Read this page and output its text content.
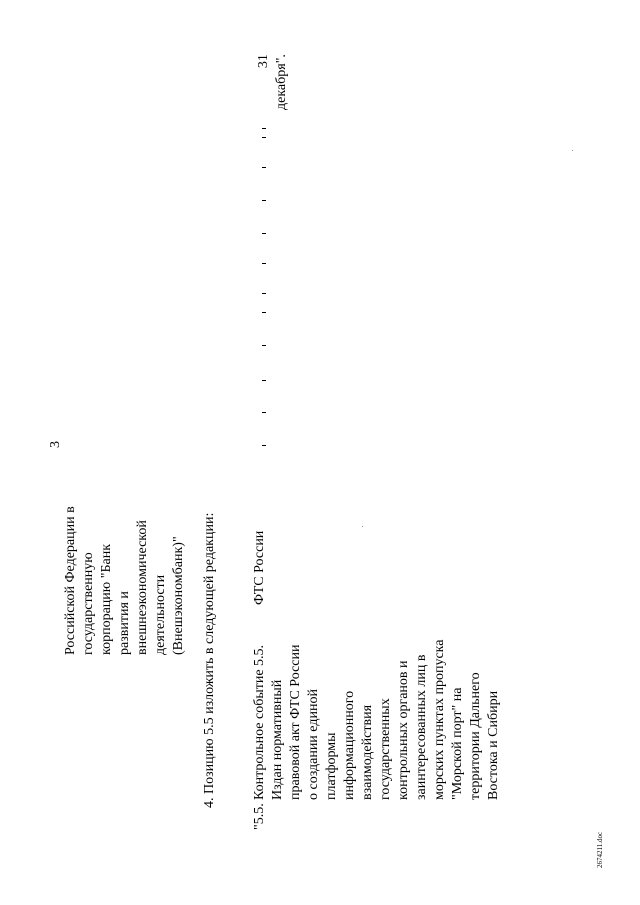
3
Российской Федерации в государственную корпорацию "Банк развития и внешнеэкономической деятельности (Внешэкономбанк)" 4. Позицию 5.5 изложить в следующей редакции:
"5.5.
Контрольное событие 5.5. Издан нормативный правовой акт ФТС России о создании единой платформы информационного взаимодействия государственных контрольных органов и заинтересованных лиц в морских пунктах пропуска "Морской порт" на территории Дальнего Востока и Сибири
ФТС России
31 декабря".
2674211.doc
